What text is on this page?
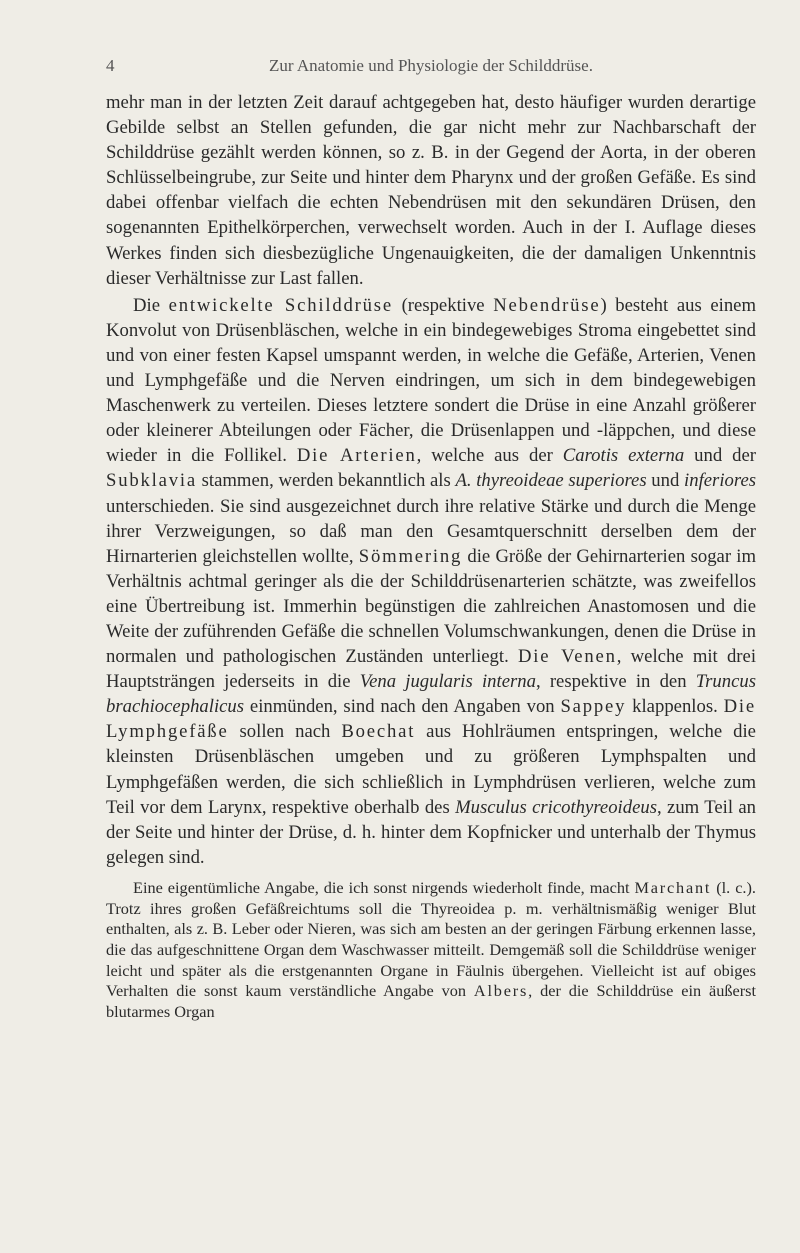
4	Zur Anatomie und Physiologie der Schilddrüse.

mehr man in der letzten Zeit darauf achtgegeben hat, desto häufiger wurden derartige Gebilde selbst an Stellen gefunden, die gar nicht mehr zur Nachbarschaft der Schilddrüse gezählt werden können, so z. B. in der Gegend der Aorta, in der oberen Schlüsselbeingrube, zur Seite und hinter dem Pharynx und der großen Gefäße. Es sind dabei offenbar vielfach die echten Nebendrüsen mit den sekundären Drüsen, den sogenannten Epithelkörperchen, verwechselt worden. Auch in der I. Auflage dieses Werkes finden sich diesbezügliche Ungenauigkeiten, die der damaligen Unkenntnis dieser Verhältnisse zur Last fallen.

Die entwickelte Schilddrüse (respektive Nebendrüse) besteht aus einem Konvolut von Drüsenbläschen, welche in ein bindegewebiges Stroma eingebettet sind und von einer festen Kapsel umspannt werden, in welche die Gefäße, Arterien, Venen und Lymphgefäße und die Nerven eindringen, um sich in dem bindegewebigen Maschenwerk zu verteilen. Dieses letztere sondert die Drüse in eine Anzahl größerer oder kleinerer Abteilungen oder Fächer, die Drüsenlappen und -läppchen, und diese wieder in die Follikel. Die Arterien, welche aus der Carotis externa und der Subklavia stammen, werden bekanntlich als A. thyreoideae superiores und inferiores unterschieden. Sie sind ausgezeichnet durch ihre relative Stärke und durch die Menge ihrer Verzweigungen, so daß man den Gesamtquerschnitt derselben dem der Hirnarterien gleichstellen wollte, Sömmering die Größe der Gehirnarterien sogar im Verhältnis achtmal geringer als die der Schilddrüsenarterien schätzte, was zweifellos eine Übertreibung ist. Immerhin begünstigen die zahlreichen Anastomosen und die Weite der zuführenden Gefäße die schnellen Volumschwankungen, denen die Drüse in normalen und pathologischen Zuständen unterliegt. Die Venen, welche mit drei Hauptsträngen jederseits in die Vena jugularis interna, respektive in den Truncus brachiocephalicus einmünden, sind nach den Angaben von Sappey klappenlos. Die Lymphgefäße sollen nach Boechat aus Hohlräumen entspringen, welche die kleinsten Drüsenbläschen umgeben und zu größeren Lymphspalten und Lymphgefäßen werden, die sich schließlich in Lymphdrüsen verlieren, welche zum Teil vor dem Larynx, respektive oberhalb des Musculus cricothyreoideus, zum Teil an der Seite und hinter der Drüse, d. h. hinter dem Kopfnicker und unterhalb der Thymus gelegen sind.

Eine eigentümliche Angabe, die ich sonst nirgends wiederholt finde, macht Marchant (l. c.). Trotz ihres großen Gefäßreichtums soll die Thyreoidea p. m. verhältnismäßig weniger Blut enthalten, als z. B. Leber oder Nieren, was sich am besten an der geringen Färbung erkennen lasse, die das aufgeschnittene Organ dem Waschwasser mitteilt. Demgemäß soll die Schilddrüse weniger leicht und später als die erstgenannten Organe in Fäulnis übergehen. Vielleicht ist auf obiges Verhalten die sonst kaum verständliche Angabe von Albers, der die Schilddrüse ein äußerst blutarmes Organ
